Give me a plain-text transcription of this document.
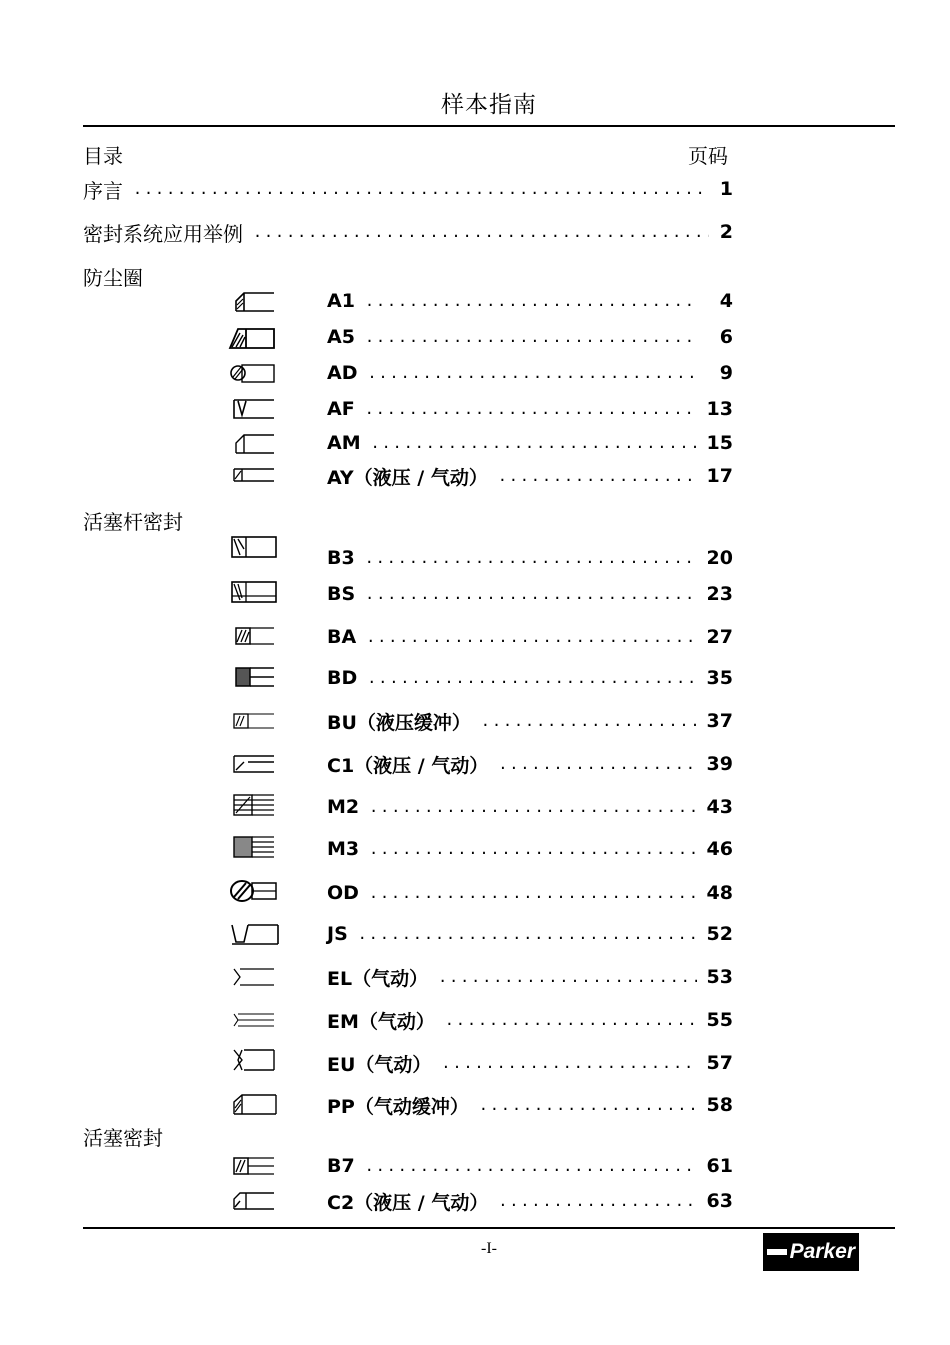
样本指南
目录	页码
序言 .....	1
密封系统应用举例 .....	2
防尘圈
A1 .....	4
A5 .....	6
AD .....	9
AF .....	13
AM .....	15
AY（液压 / 气动） .....	17
活塞杆密封
B3 .....	20
BS .....	23
BA .....	27
BD .....	35
BU（液压缓冲） .....	37
C1（液压 / 气动） .....	39
M2 .....	43
M3 .....	46
OD .....	48
JS .....	52
EL（气动） .....	53
EM（气动） .....	55
EU（气动） .....	57
PP（气动缓冲） .....	58
活塞密封
B7 .....	61
C2（液压 / 气动） .....	63
-I-	Parker
